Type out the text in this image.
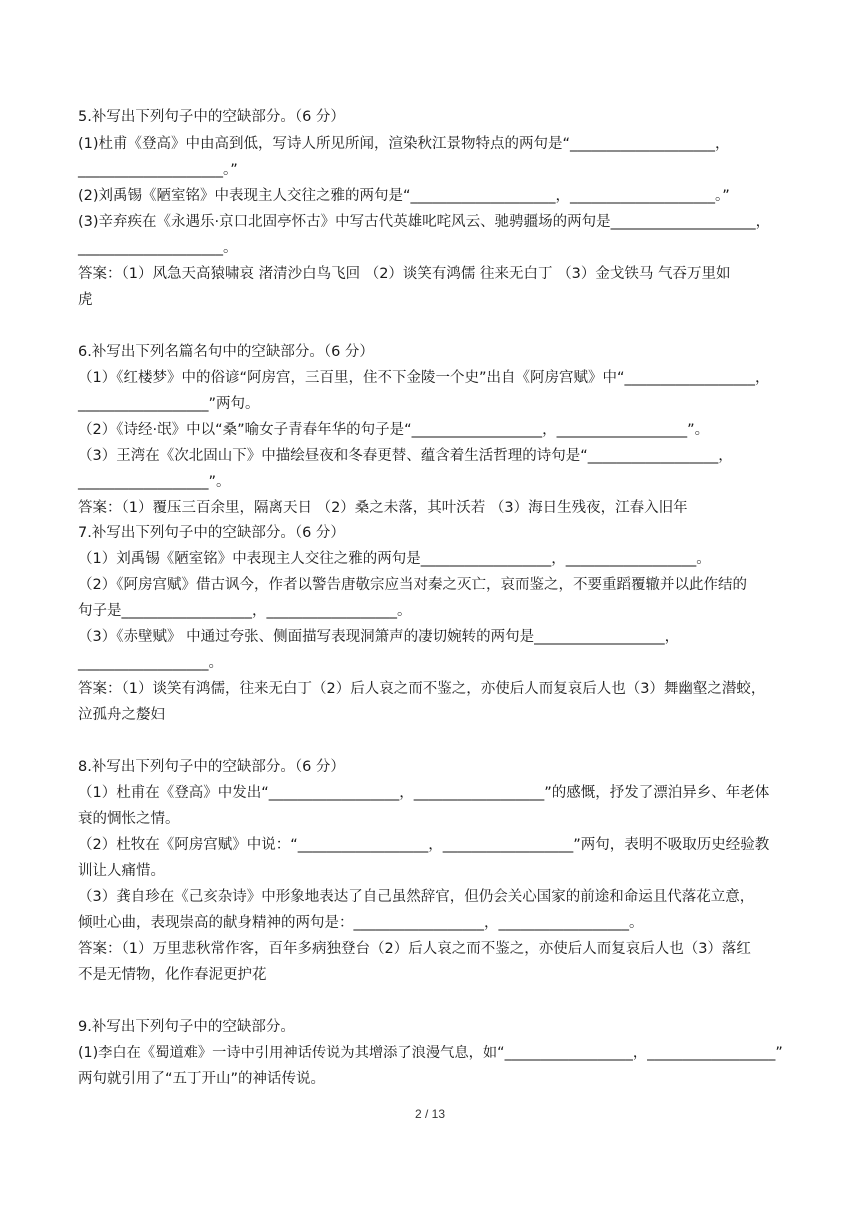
5.补写出下列句子中的空缺部分。（6 分）
(1)杜甫《登高》中由高到低，写诗人所见所闻，渲染秋江景物特点的两句是“____________________，
____________________。”
(2)刘禹锡《陋室铭》中表现主人交往之雅的两句是“____________________，____________________。”
(3)辛弃疾在《永遇乐·京口北固亭怀古》中写古代英雄叱咤风云、驰骋疆场的两句是____________________，
____________________。
答案：（1）风急天高猿啸哀 渚清沙白鸟飞回 （2）谈笑有鸿儒 往来无白丁 （3）金戈铁马 气吞万里如
虎
6.补写出下列名篇名句中的空缺部分。（6 分）
（1）《红楼梦》中的俗谚“阿房宫，三百里，住不下金陵一个史”出自《阿房宫赋》中“__________________，
__________________”两句。
（2）《诗经·氓》中以“桑”喻女子青春年华的句子是“__________________，__________________”。
（3）王湾在《次北固山下》中描绘昼夜和冬春更替、蕴含着生活哲理的诗句是“__________________，
__________________”。
答案：（1）覆压三百余里，隔离天日 （2）桑之未落，其叶沃若 （3）海日生残夜，江春入旧年
7.补写出下列句子中的空缺部分。（6 分）
（1）刘禹锡《陋室铭》中表现主人交往之雅的两句是__________________，__________________。
（2）《阿房宫赋》借古讽今，作者以警告唐敬宗应当对秦之灭亡，哀而鉴之，不要重蹈覆辙并以此作结的
句子是__________________，__________________。
（3）《赤壁赋》 中通过夸张、侧面描写表现洞箫声的凄切婉转的两句是__________________，
__________________。
答案：（1）谈笑有鸿儒，往来无白丁（2）后人哀之而不鉴之，亦使后人而复哀后人也（3）舞幽壑之潜蛟，
泣孤舟之嫠妇
8.补写出下列句子中的空缺部分。（6 分）
（1）杜甫在《登高》中发出“__________________，__________________”的感慨，抒发了漂泊异乡、年老体
衰的惆怅之情。
（2）杜牧在《阿房宫赋》中说：“__________________，__________________”两句，表明不吸取历史经验教
训让人痛惜。
（3）龚自珍在《己亥杂诗》中形象地表达了自己虽然辞官，但仍会关心国家的前途和命运且代落花立意，
倾吐心曲，表现崇高的献身精神的两句是：__________________，__________________。
答案：（1）万里悲秋常作客，百年多病独登台（2）后人哀之而不鉴之，亦使后人而复哀后人也（3）落红
不是无情物，化作春泥更护花
9.补写出下列句子中的空缺部分。
(1)李白在《蜀道难》一诗中引用神话传说为其增添了浪漫气息，如“__________________，__________________”
两句就引用了“五丁开山”的神话传说。
2 / 13
